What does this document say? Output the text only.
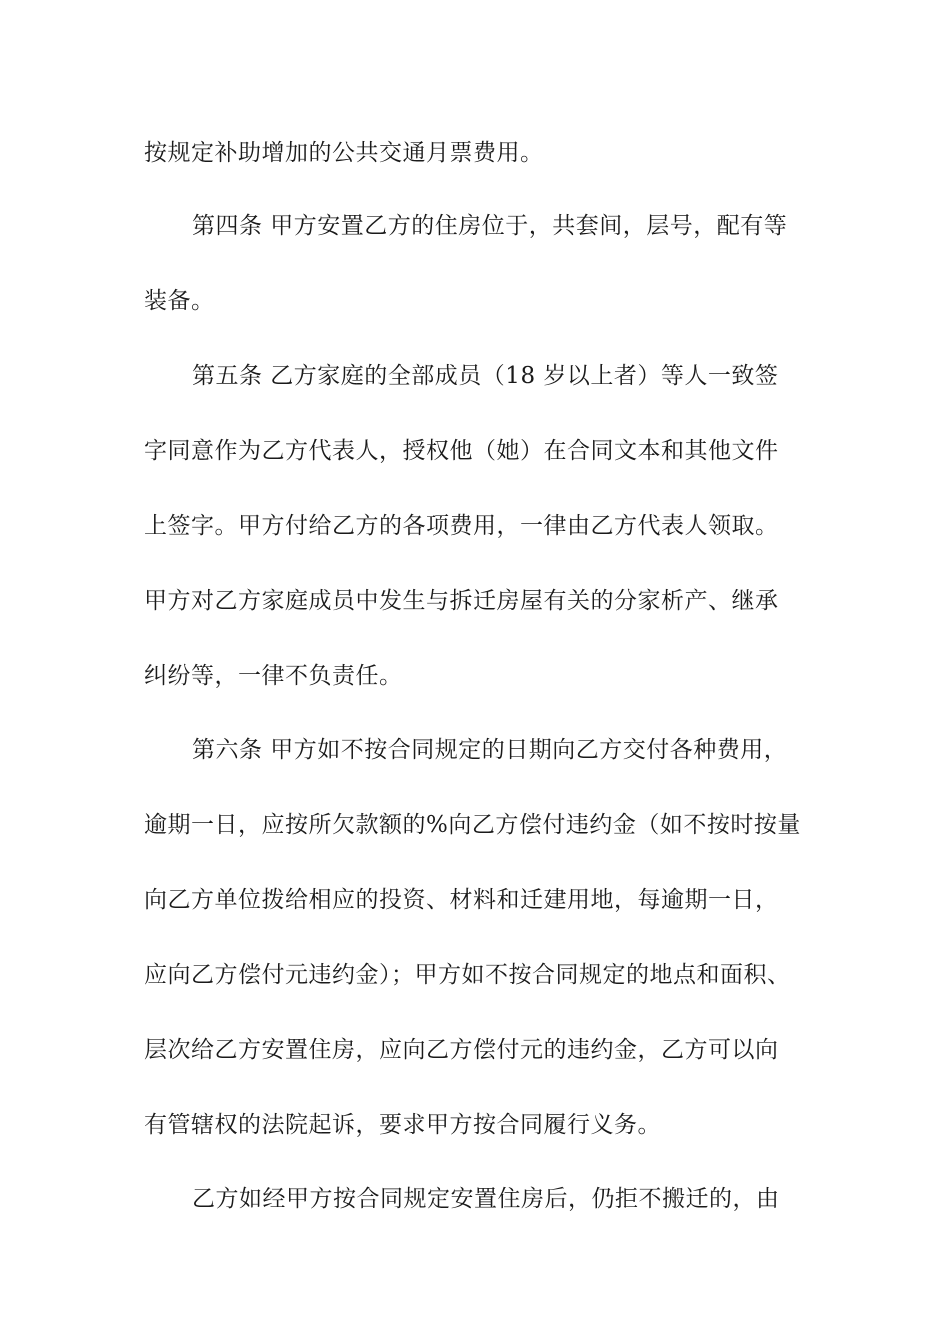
按规定补助增加的公共交通月票费用。
第四条 甲方安置乙方的住房位于，共套间，层号，配有等
装备。
第五条 乙方家庭的全部成员（18 岁以上者）等人一致签
字同意作为乙方代表人，授权他（她）在合同文本和其他文件
上签字。甲方付给乙方的各项费用，一律由乙方代表人领取。
甲方对乙方家庭成员中发生与拆迁房屋有关的分家析产、继承
纠纷等，一律不负责任。
第六条 甲方如不按合同规定的日期向乙方交付各种费用，
逾期一日，应按所欠款额的%向乙方偿付违约金（如不按时按量
向乙方单位拨给相应的投资、材料和迁建用地，每逾期一日，
应向乙方偿付元违约金）；甲方如不按合同规定的地点和面积、
层次给乙方安置住房，应向乙方偿付元的违约金，乙方可以向
有管辖权的法院起诉，要求甲方按合同履行义务。
乙方如经甲方按合同规定安置住房后，仍拒不搬迁的，由
